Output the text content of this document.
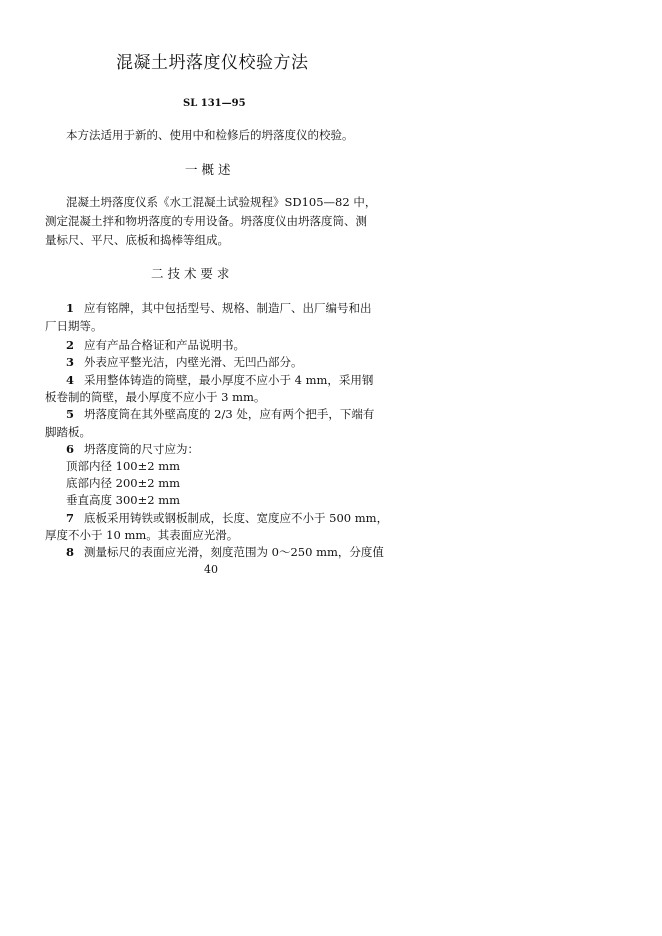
混凝土坍落度仪校验方法
SL 131—95
本方法适用于新的、使用中和检修后的坍落度仪的校验。
一 概 述
混凝土坍落度仪系《水工混凝土试验规程》SD105—82 中，
测定混凝土拌和物坍落度的专用设备。坍落度仪由坍落度筒、测
量标尺、平尺、底板和捣棒等组成。
二 技 术 要 求
1 应有铭牌，其中包括型号、规格、制造厂、出厂编号和出
厂日期等。
2 应有产品合格证和产品说明书。
3 外表应平整光洁，内壁光滑、无凹凸部分。
4 采用整体铸造的筒壁，最小厚度不应小于 4 mm，采用钢
板卷制的筒壁，最小厚度不应小于 3 mm。
5 坍落度筒在其外壁高度的 2/3 处，应有两个把手，下端有
脚踏板。
6 坍落度筒的尺寸应为：
顶部内径 100±2 mm
底部内径 200±2 mm
垂直高度 300±2 mm
7 底板采用铸铁或钢板制成，长度、宽度应不小于 500 mm，
厚度不小于 10 mm。其表面应光滑。
8 测量标尺的表面应光滑，刻度范围为 0～250 mm，分度值
40
